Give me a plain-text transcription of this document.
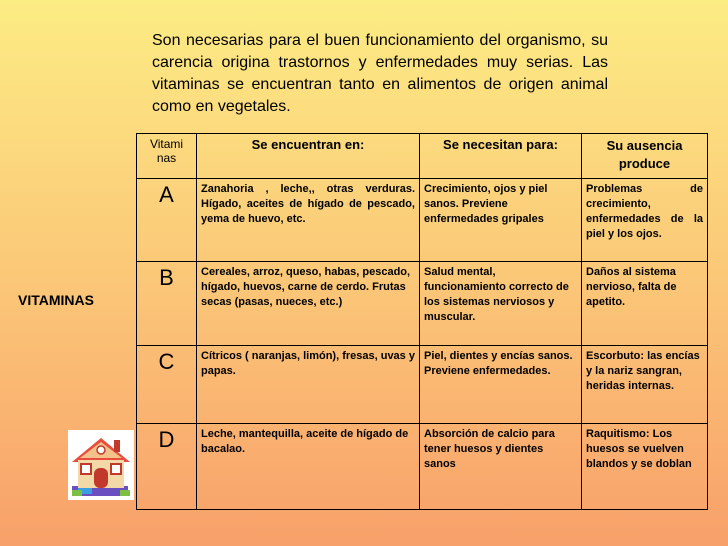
Son necesarias para el buen funcionamiento del organismo, su carencia origina trastornos y enfermedades muy serias. Las vitaminas se encuentran tanto en alimentos de origen animal como en vegetales.

VITAMINAS
Vitami nas	Se encuentran en:	Se necesitan para:	Su ausencia produce
A	Zanahoria , leche,, otras verduras. Hígado, aceites de hígado de pescado, yema de huevo, etc.	Crecimiento, ojos y piel sanos. Previene enfermedades gripales	Problemas de crecimiento, enfermedades de la piel y los ojos.
B	Cereales, arroz, queso, habas, pescado, hígado, huevos, carne de cerdo. Frutas secas (pasas, nueces, etc.)	Salud mental, funcionamiento correcto de los sistemas nerviosos y muscular.	Daños al sistema nervioso, falta de apetito.
C	Cítricos ( naranjas, limón), fresas, uvas y papas.	Piel, dientes y encías sanos. Previene enfermedades.	Escorbuto: las encías y la nariz sangran, heridas internas.
D	Leche, mantequilla, aceite de hígado de bacalao.	Absorción de calcio para tener huesos y dientes sanos	Raquitismo: Los huesos se vuelven blandos y se doblan
